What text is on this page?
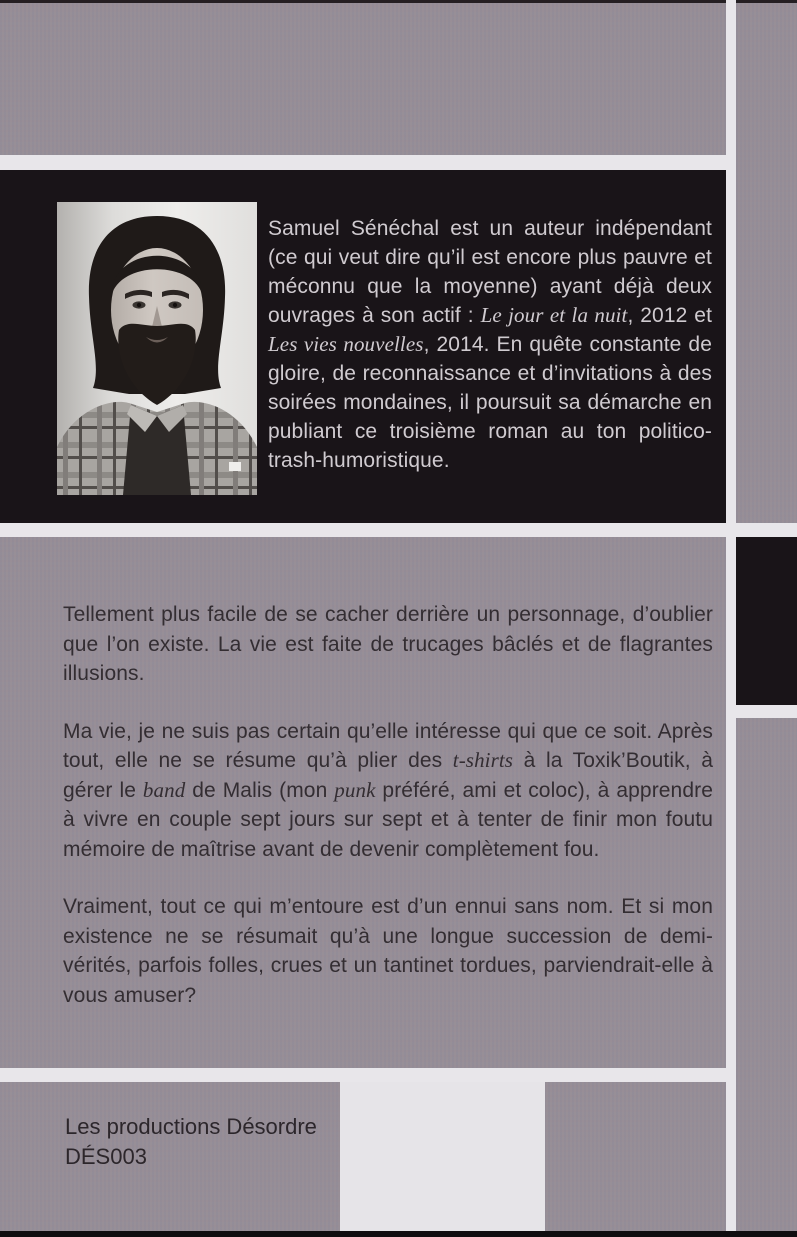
Samuel Sénéchal est un auteur indépendant (ce qui veut dire qu’il est encore plus pauvre et méconnu que la moyenne) ayant déjà deux ouvrages à son actif : Le jour et la nuit, 2012 et Les vies nouvelles, 2014. En quête constante de gloire, de reconnaissance et d’invitations à des soirées mondaines, il poursuit sa démarche en publiant ce troisième roman au ton politico-trash-humoristique.

Tellement plus facile de se cacher derrière un personnage, d’oublier que l’on existe. La vie est faite de trucages bâclés et de flagrantes illusions.

Ma vie, je ne suis pas certain qu’elle intéresse qui que ce soit. Après tout, elle ne se résume qu’à plier des t-shirts à la Toxik’Boutik, à gérer le band de Malis (mon punk préféré, ami et coloc), à apprendre à vivre en couple sept jours sur sept et à tenter de finir mon foutu mémoire de maîtrise avant de devenir complètement fou.

Vraiment, tout ce qui m’entoure est d’un ennui sans nom. Et si mon existence ne se résumait qu’à une longue succession de demi-vérités, parfois folles, crues et un tantinet tordues, parviendrait-elle à vous amuser?

Les productions Désordre
DÉS003
